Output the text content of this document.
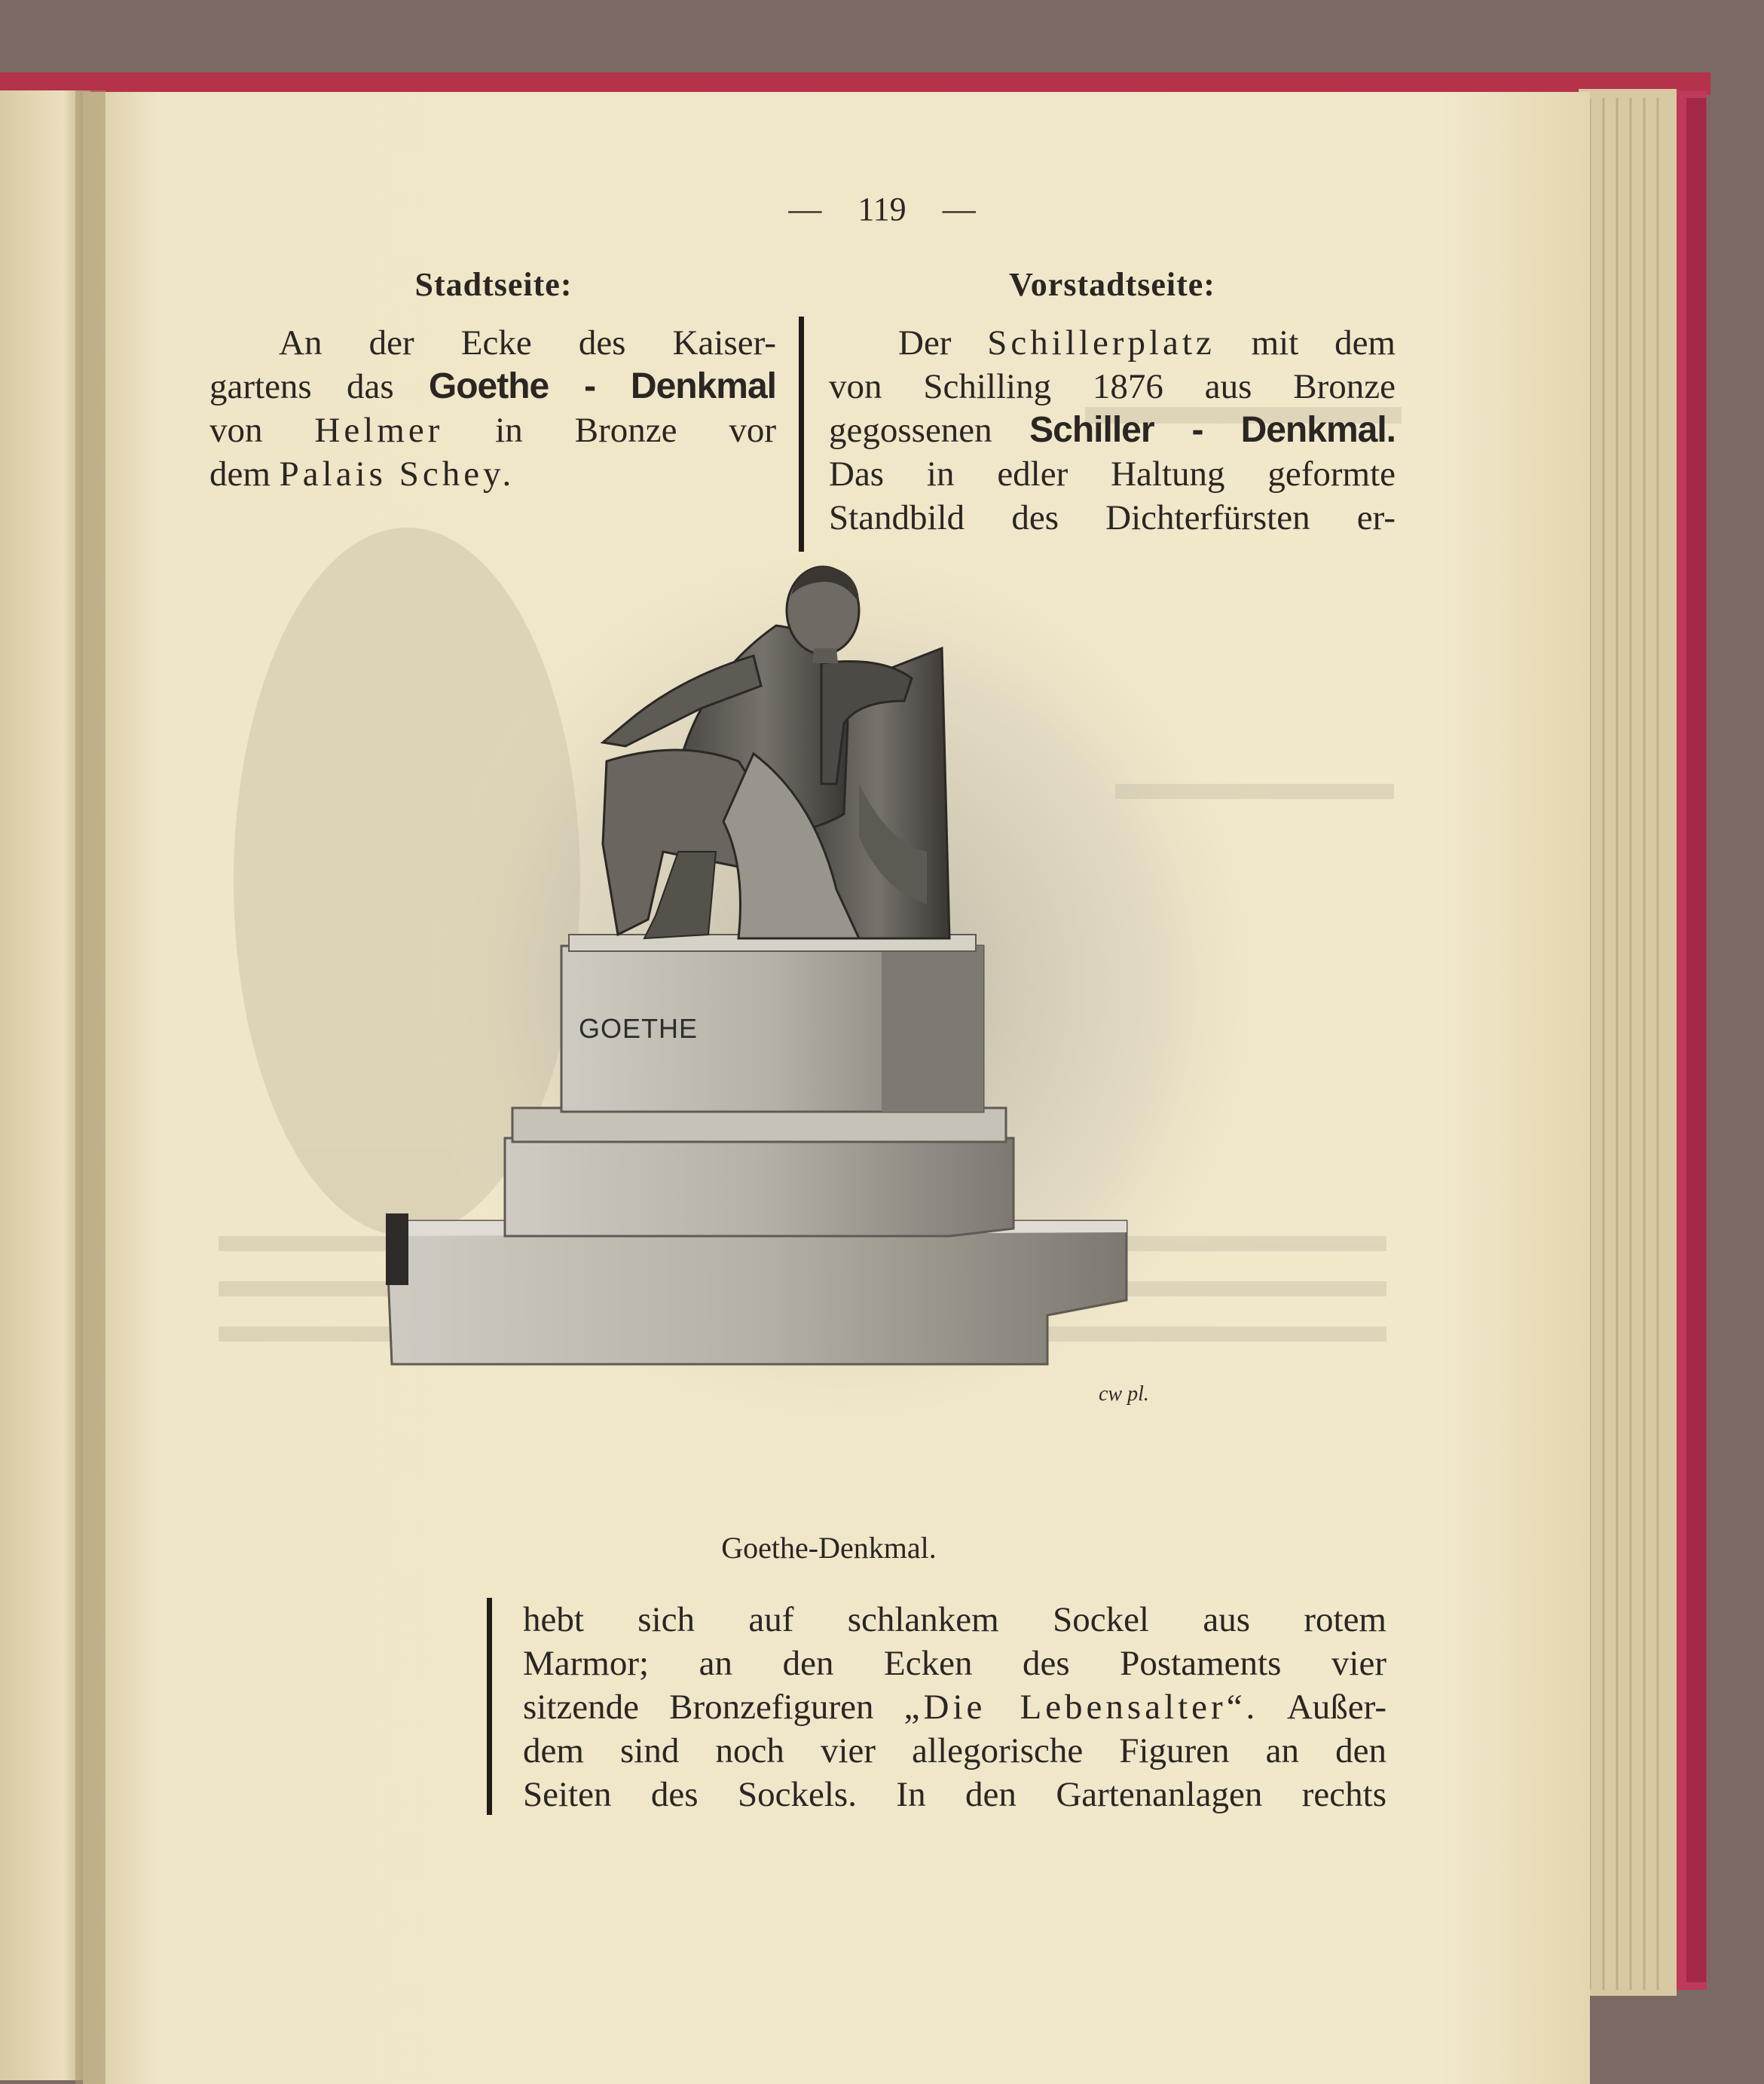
GOETHE
cw pl.
— 119 —
Stadtseite:
An der Ecke des Kaiser-
gartens das Goethe - Denkmal
von Helmer in Bronze vor
dem Palais Schey.
Vorstadtseite:
Der Schillerplatz mit dem
von Schilling 1876 aus Bronze
gegossenen Schiller - Denkmal.
Das in edler Haltung geformte
Standbild des Dichterfürsten er-
Goethe-Denkmal.
hebt sich auf schlankem Sockel aus rotem
Marmor; an den Ecken des Postaments vier
sitzende Bronzefiguren „Die Lebensalter“. Außer-
dem sind noch vier allegorische Figuren an den
Seiten des Sockels. In den Gartenanlagen rechts
